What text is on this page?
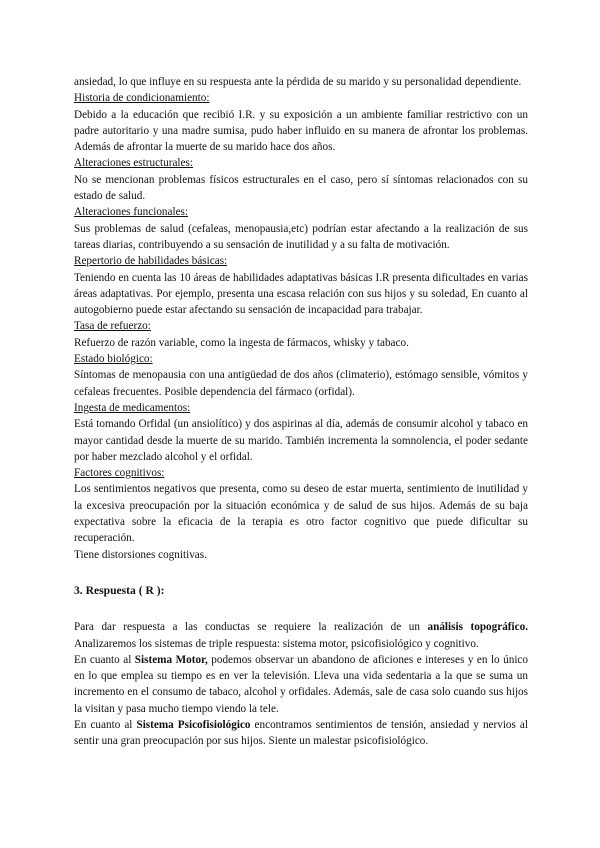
ansiedad, lo que influye en su respuesta ante la pérdida de su marido y su personalidad dependiente.

Historia de condicionamiento:

Debido a la educación que recibió I.R. y su exposición a un ambiente familiar restrictivo con un padre autoritario y una madre sumisa, pudo haber influido en su manera de afrontar los problemas. Además de afrontar la muerte de su marido hace dos años.

Alteraciones estructurales:

No se mencionan problemas físicos estructurales en el caso, pero sí síntomas relacionados con su estado de salud.

Alteraciones funcionales:

Sus problemas de salud (cefaleas, menopausia,etc) podrían estar afectando a la realización de sus tareas diarias, contribuyendo a su sensación de inutilidad y a su falta de motivación.

Repertorio de habilidades básicas:

Teniendo en cuenta las 10 áreas de habilidades adaptativas básicas I.R presenta dificultades en varias áreas adaptativas. Por ejemplo, presenta una escasa relación con sus hijos y su soledad, En cuanto al autogobierno puede estar afectando su sensación de incapacidad para trabajar.

Tasa de refuerzo:

Refuerzo de razón variable, como la ingesta de fármacos, whisky y tabaco.

Estado biológico:

Síntomas de menopausia con una antigüedad de dos años (climaterio), estómago sensible, vómitos y cefaleas frecuentes. Posible dependencia del fármaco (orfidal).

Ingesta de medicamentos:

Está tomando Orfidal (un ansiolítico) y dos aspirinas al día, además de consumir alcohol y tabaco en mayor cantidad desde la muerte de su marido. También incrementa la somnolencia, el poder sedante por haber mezclado alcohol y el orfidal.

Factores cognitivos:

Los sentimientos negativos que presenta, como su deseo de estar muerta, sentimiento de inutilidad y la excesiva preocupación por la situación económica y de salud de sus hijos. Además de su baja expectativa sobre la eficacia de la terapia es otro factor cognitivo que puede dificultar su recuperación.

Tiene distorsiones cognitivas.

3. Respuesta ( R ):

Para dar respuesta a las conductas se requiere la realización de un análisis topográfico. Analizaremos los sistemas de triple respuesta: sistema motor, psicofisiológico y cognitivo.

En cuanto al Sistema Motor, podemos observar un abandono de aficiones e intereses y en lo único en lo que emplea su tiempo es en ver la televisión. Lleva una vida sedentaria a la que se suma un incremento en el consumo de tabaco, alcohol y orfidales. Además, sale de casa solo cuando sus hijos la visitan y pasa mucho tiempo viendo la tele.

En cuanto al Sistema Psicofisiológico encontramos sentimientos de tensión, ansiedad y nervios al sentir una gran preocupación por sus hijos. Siente un malestar psicofisiológico.
